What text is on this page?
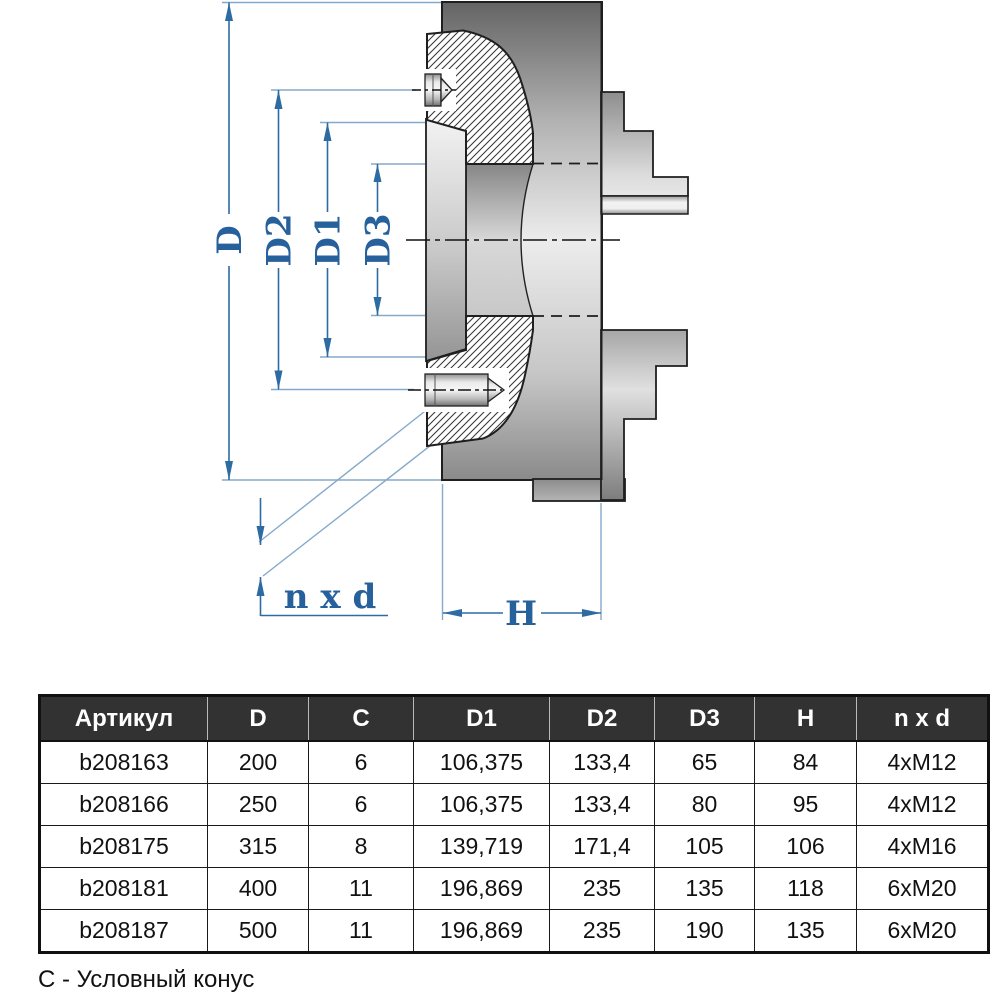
D D2 D1 D3
H
n x d
Артикул	D	C	D1	D2	D3	H	n x d
b208163	200	6	106,375	133,4	65	84	4xM12
b208166	250	6	106,375	133,4	80	95	4xM12
b208175	315	8	139,719	171,4	105	106	4xM16
b208181	400	11	196,869	235	135	118	6xM20
b208187	500	11	196,869	235	190	135	6xM20
С - Условный конус
